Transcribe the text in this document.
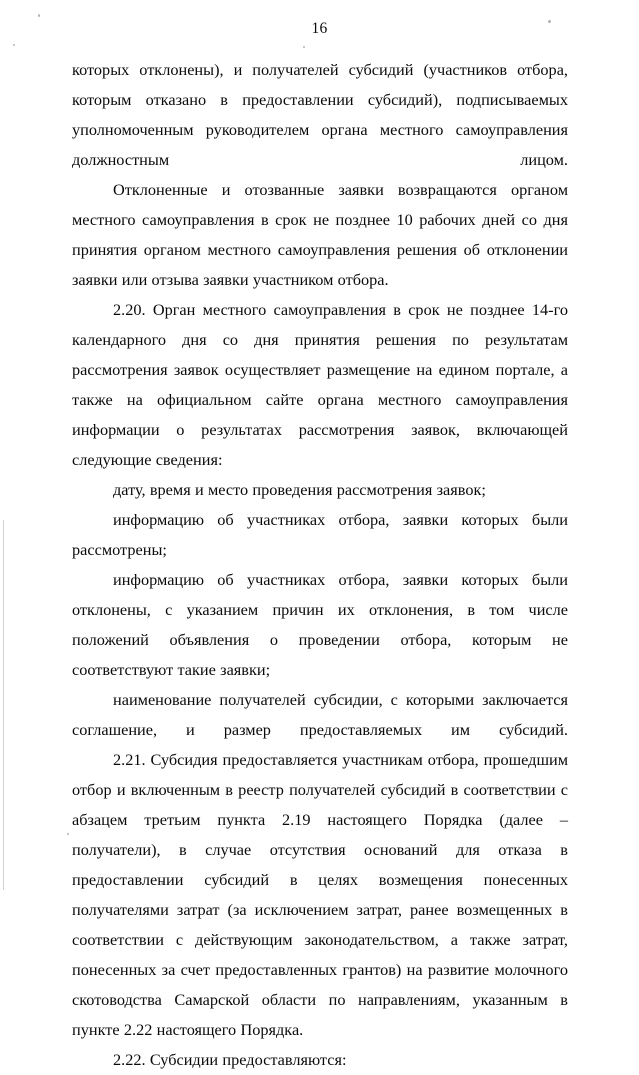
16

которых отклонены), и получателей субсидий (участников отбора, которым отказано в предоставлении субсидий), подписываемых уполномоченным руководителем органа местного самоуправления должностным лицом.

Отклоненные и отозванные заявки возвращаются органом местного самоуправления в срок не позднее 10 рабочих дней со дня принятия органом местного самоуправления решения об отклонении заявки или отзыва заявки участником отбора.

2.20. Орган местного самоуправления в срок не позднее 14-го календарного дня со дня принятия решения по результатам рассмотрения заявок осуществляет размещение на едином портале, а также на официальном сайте органа местного самоуправления информации о результатах рассмотрения заявок, включающей следующие сведения:

дату, время и место проведения рассмотрения заявок;

информацию об участниках отбора, заявки которых были рассмотрены;

информацию об участниках отбора, заявки которых были отклонены, с указанием причин их отклонения, в том числе положений объявления о проведении отбора, которым не соответствуют такие заявки;

наименование получателей субсидии, с которыми заключается соглашение, и размер предоставляемых им субсидий.

2.21. Субсидия предоставляется участникам отбора, прошедшим отбор и включенным в реестр получателей субсидий в соответствии с абзацем третьим пункта 2.19 настоящего Порядка (далее – получатели), в случае отсутствия оснований для отказа в предоставлении субсидий в целях возмещения понесенных получателями затрат (за исключением затрат, ранее возмещенных в соответствии с действующим законодательством, а также затрат, понесенных за счет предоставленных грантов) на развитие молочного скотоводства Самарской области по направлениям, указанным в пункте 2.22 настоящего Порядка.

2.22. Субсидии предоставляются:
